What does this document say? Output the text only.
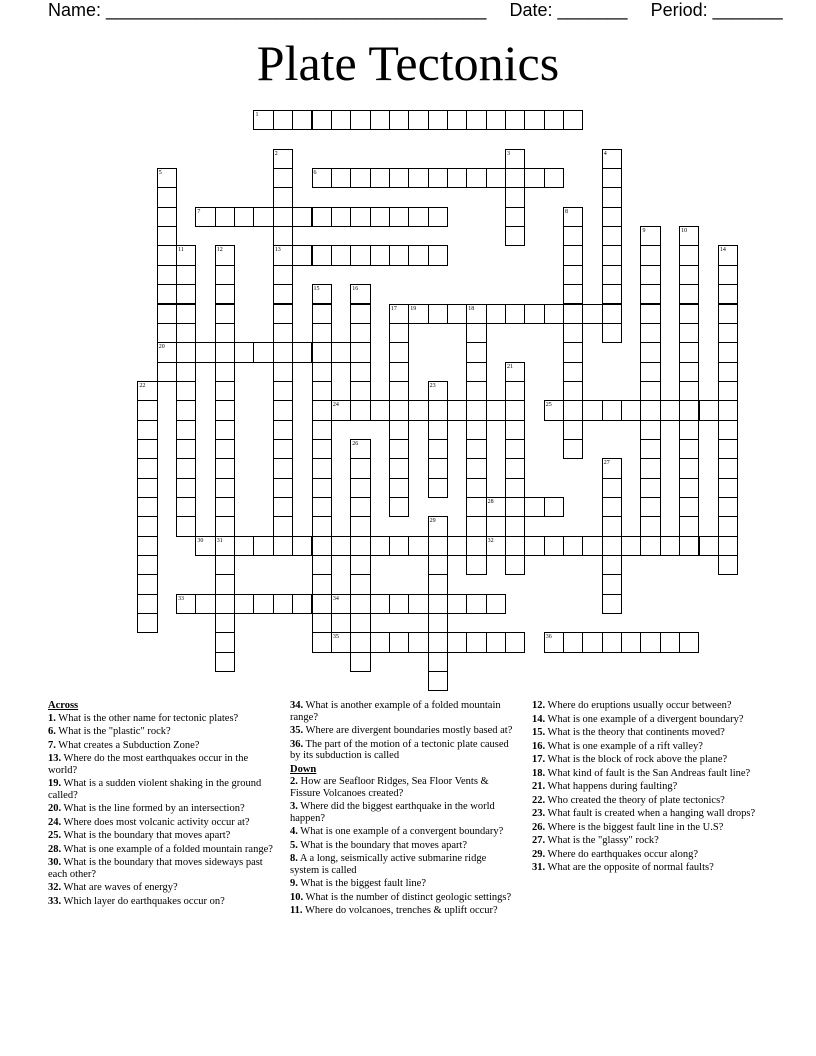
Name: ______________________________________ Date: _______ Period: _______
Plate Tectonics
1
6
7
13
19
20
24	25
28
30	32
33	34
35	36
2	3	4
5
8
9	10
11	12	14
15	16
17	18
21
22	23
26
27
29
31
Across
1. What is the other name for tectonic plates?
6. What is the "plastic" rock?
7. What creates a Subduction Zone?
13. Where do the most earthquakes occur in the world?
19. What is a sudden violent shaking in the ground called?
20. What is the line formed by an intersection?
24. Where does most volcanic activity occur at?
25. What is the boundary that moves apart?
28. What is one example of a folded mountain range?
30. What is the boundary that moves sideways past each other?
32. What are waves of energy?
33. Which layer do earthquakes occur on?
34. What is another example of a folded mountain range?
35. Where are divergent boundaries mostly based at?
36. The part of the motion of a tectonic plate caused by its subduction is called
Down
2. How are Seafloor Ridges, Sea Floor Vents & Fissure Volcanoes created?
3. Where did the biggest earthquake in the world happen?
4. What is one example of a convergent boundary?
5. What is the boundary that moves apart?
8. A a long, seismically active submarine ridge system is called
9. What is the biggest fault line?
10. What is the number of distinct geologic settings?
11. Where do volcanoes, trenches & uplift occur?
12. Where do eruptions usually occur between?
14. What is one example of a divergent boundary?
15. What is the theory that continents moved?
16. What is one example of a rift valley?
17. What is the block of rock above the plane?
18. What kind of fault is the San Andreas fault line?
21. What happens during faulting?
22. Who created the theory of plate tectonics?
23. What fault is created when a hanging wall drops?
26. Where is the biggest fault line in the U.S?
27. What is the "glassy" rock?
29. Where do earthquakes occur along?
31. What are the opposite of normal faults?
